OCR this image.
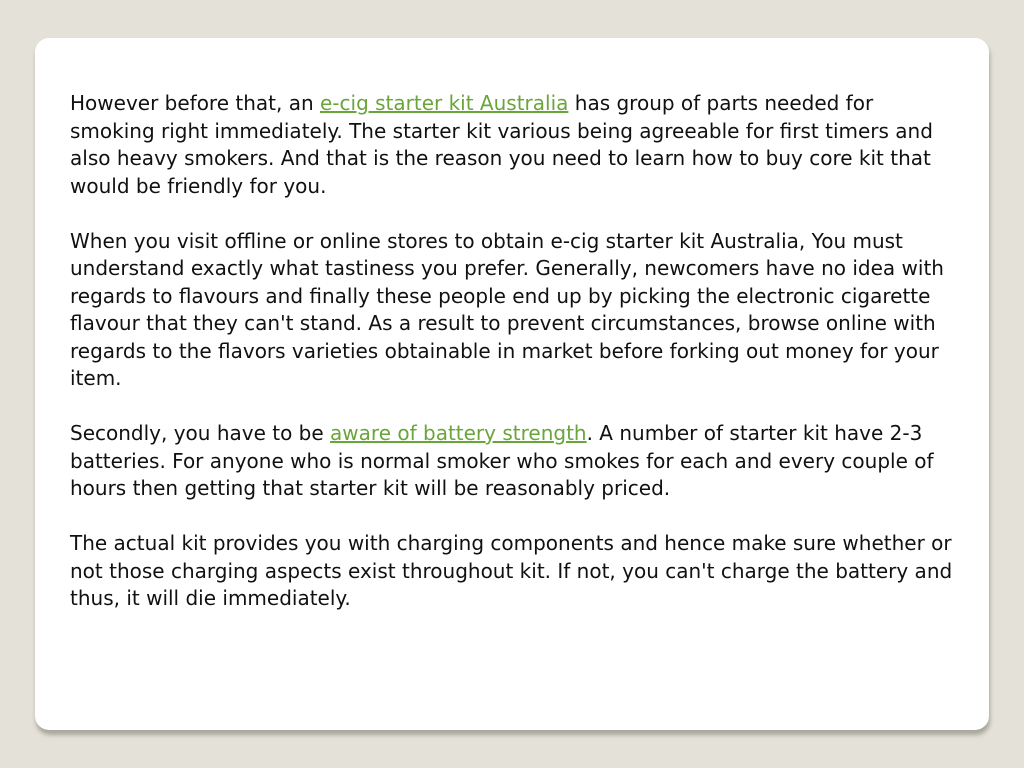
However before that, an e-cig starter kit Australia has group of parts needed for smoking right immediately. The starter kit various being agreeable for first timers and also heavy smokers. And that is the reason you need to learn how to buy core kit that would be friendly for you.

When you visit offline or online stores to obtain e-cig starter kit Australia, You must understand exactly what tastiness you prefer. Generally, newcomers have no idea with regards to flavours and finally these people end up by picking the electronic cigarette flavour that they can't stand. As a result to prevent circumstances, browse online with regards to the flavors varieties obtainable in market before forking out money for your item.

Secondly, you have to be aware of battery strength. A number of starter kit have 2-3 batteries. For anyone who is normal smoker who smokes for each and every couple of hours then getting that starter kit will be reasonably priced.

The actual kit provides you with charging components and hence make sure whether or not those charging aspects exist throughout kit. If not, you can't charge the battery and thus, it will die immediately.
